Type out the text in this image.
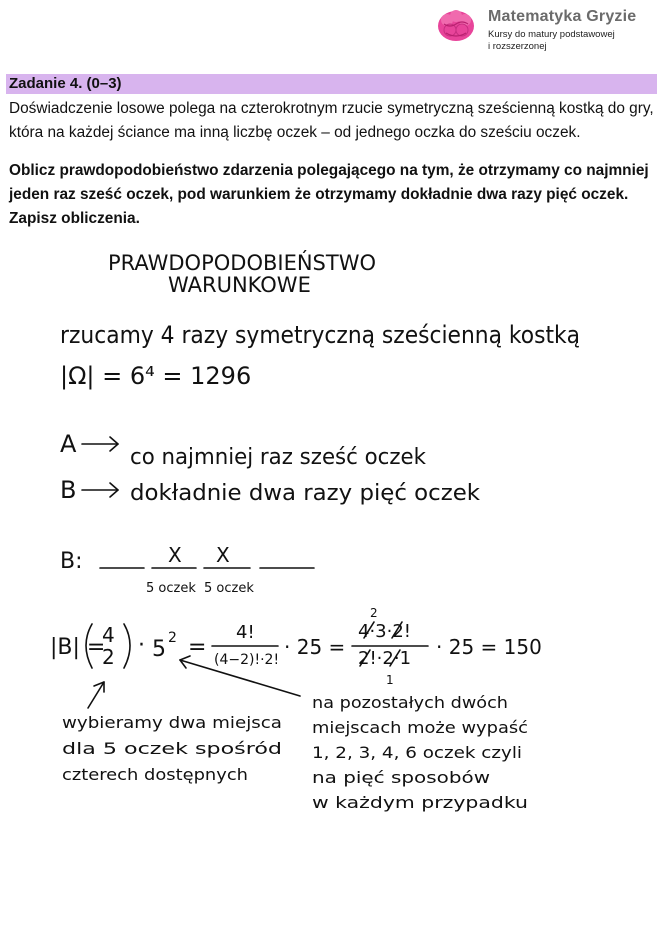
Matematyka Gryzie
Kursy do matury podstawowej
i rozszerzonej
Zadanie 4. (0–3)

Doświadczenie losowe polega na czterokrotnym rzucie symetryczną sześcienną kostką do gry, która na każdej ściance ma inną liczbę oczek – od jednego oczka do sześciu oczek.

Oblicz prawdopodobieństwo zdarzenia polegającego na tym, że otrzymamy co najmniej jeden raz sześć oczek, pod warunkiem że otrzymamy dokładnie dwa razy pięć oczek. Zapisz obliczenia.

PRAWDOPODOBIEŃSTWO
WARUNKOWE
rzucamy 4 razy symetryczną sześcienną kostką
|Ω| = 6⁴ = 1296
A co najmniej raz sześć oczek
B dokładnie dwa razy pięć oczek
B:	X X
5 oczek 5 oczek
|B| =
4
2 · 5 2 =
4!
(4−2)!·2!
· 25 =
2
4·3·2!
2!·2·1
1
· 25 = 150
wybieramy dwa miejsca
dla 5 oczek spośród
czterech dostępnych
na pozostałych dwóch
miejscach może wypaść
1, 2, 3, 4, 6 oczek czyli
na pięć sposobów
w każdym przypadku
